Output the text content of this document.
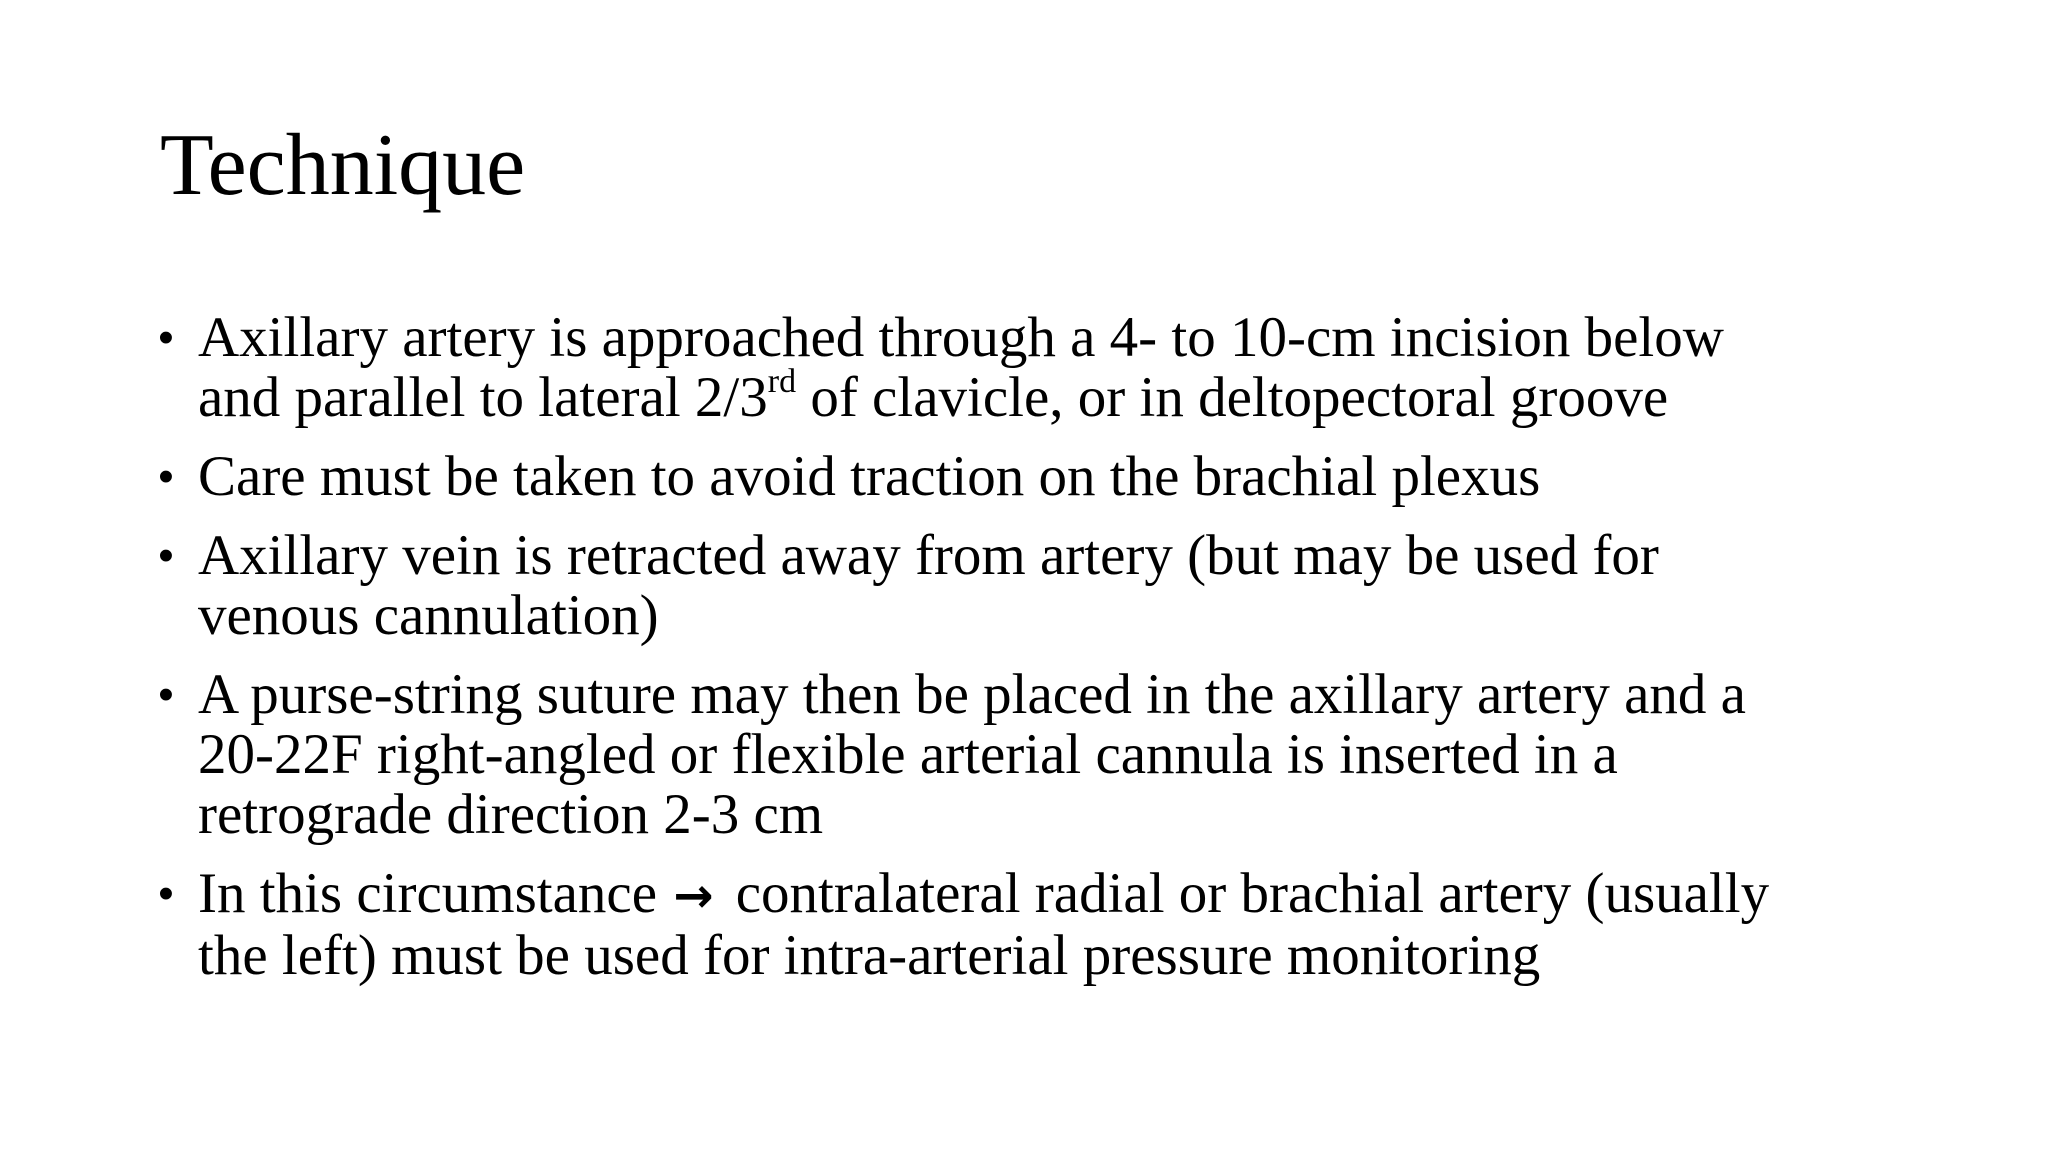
Technique
• Axillary artery is approached through a 4- to 10-cm incision below
and parallel to lateral 2/3rd of clavicle, or in deltopectoral groove
• Care must be taken to avoid traction on the brachial plexus
• Axillary vein is retracted away from artery (but may be used for
venous cannulation)
• A purse-string suture may then be placed in the axillary artery and a
20-22F right-angled or flexible arterial cannula is inserted in a
retrograde direction 2-3 cm
• In this circumstance → contralateral radial or brachial artery (usually
the left) must be used for intra-arterial pressure monitoring
